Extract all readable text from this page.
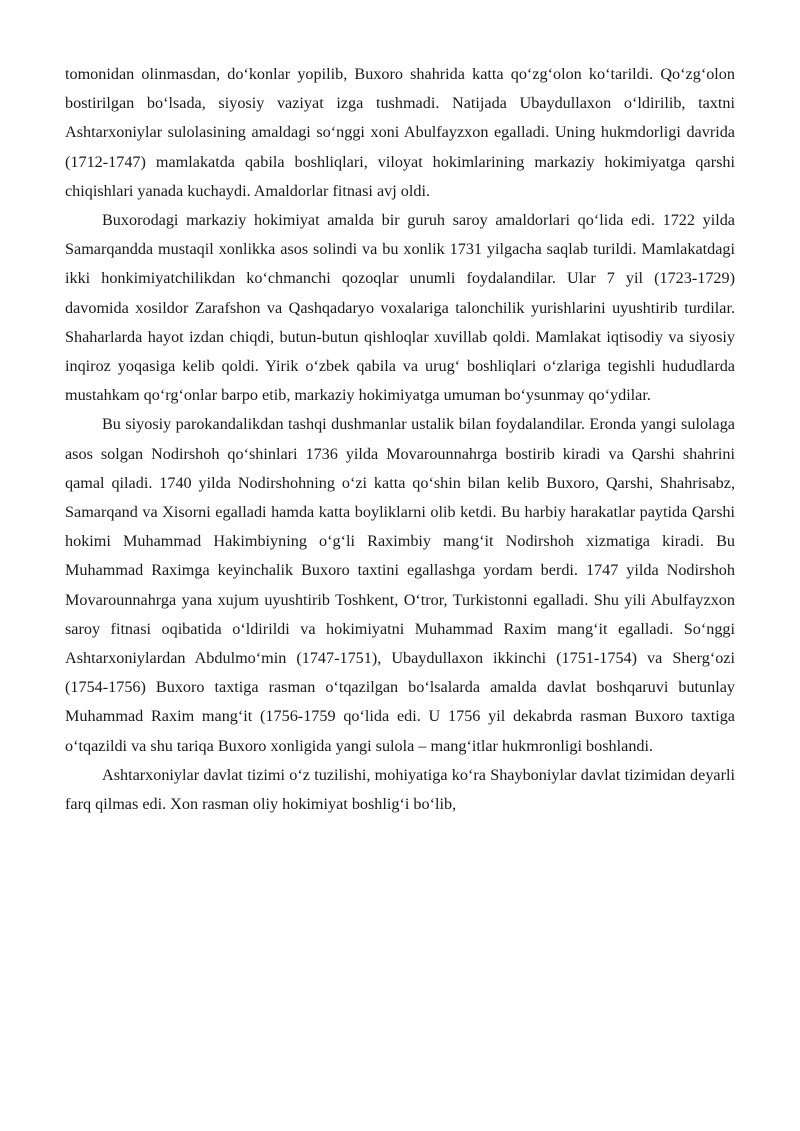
tomonidan olinmasdan, do‘konlar yopilib, Buxoro shahrida katta qo‘zg‘olon ko‘tarildi. Qo‘zg‘olon bostirilgan bo‘lsada, siyosiy vaziyat izga tushmadi. Natijada Ubaydullaxon o‘ldirilib, taxtni Ashtarxoniylar sulolasining amaldagi so‘nggi xoni Abulfayzxon egalladi. Uning hukmdorligi davrida (1712-1747) mamlakatda qabila boshliqlari, viloyat hokimlarining markaziy hokimiyatga qarshi chiqishlari yanada kuchaydi. Amaldorlar fitnasi avj oldi.

Buxorodagi markaziy hokimiyat amalda bir guruh saroy amaldorlari qo‘lida edi. 1722 yilda Samarqandda mustaqil xonlikka asos solindi va bu xonlik 1731 yilgacha saqlab turildi. Mamlakatdagi ikki honkimiyatchilikdan ko‘chmanchi qozoqlar unumli foydalandilar. Ular 7 yil (1723-1729) davomida xosildor Zarafshon va Qashqadaryo voxalariga talonchilik yurishlarini uyushtirib turdilar. Shaharlarda hayot izdan chiqdi, butun-butun qishloqlar xuvillab qoldi. Mamlakat iqtisodiy va siyosiy inqiroz yoqasiga kelib qoldi. Yirik o‘zbek qabila va urug‘ boshliqlari o‘zlariga tegishli hududlarda mustahkam qo‘rg‘onlar barpo etib, markaziy hokimiyatga umuman bo‘ysunmay qo‘ydilar.

Bu siyosiy parokandalikdan tashqi dushmanlar ustalik bilan foydalandilar. Eronda yangi sulolaga asos solgan Nodirshoh qo‘shinlari 1736 yilda Movarounnahrga bostirib kiradi va Qarshi shahrini qamal qiladi. 1740 yilda Nodirshohning o‘zi katta qo‘shin bilan kelib Buxoro, Qarshi, Shahrisabz, Samarqand va Xisorni egalladi hamda katta boyliklarni olib ketdi. Bu harbiy harakatlar paytida Qarshi hokimi Muhammad Hakimbiyning o‘g‘li Raximbiy mang‘it Nodirshoh xizmatiga kiradi. Bu Muhammad Raximga keyinchalik Buxoro taxtini egallashga yordam berdi. 1747 yilda Nodirshoh Movarounnahrga yana xujum uyushtirib Toshkent, O‘tror, Turkistonni egalladi. Shu yili Abulfayzxon saroy fitnasi oqibatida o‘ldirildi va hokimiyatni Muhammad Raxim mang‘it egalladi. So‘nggi Ashtarxoniylardan Abdulmo‘min (1747-1751), Ubaydullaxon ikkinchi (1751-1754) va Sherg‘ozi (1754-1756) Buxoro taxtiga rasman o‘tqazilgan bo‘lsalarda amalda davlat boshqaruvi butunlay Muhammad Raxim mang‘it (1756-1759 qo‘lida edi. U 1756 yil dekabrda rasman Buxoro taxtiga o‘tqazildi va shu tariqa Buxoro xonligida yangi sulola – mang‘itlar hukmronligi boshlandi.

Ashtarxoniylar davlat tizimi o‘z tuzilishi, mohiyatiga ko‘ra Shayboniylar davlat tizimidan deyarli farq qilmas edi. Xon rasman oliy hokimiyat boshlig‘i bo‘lib,
